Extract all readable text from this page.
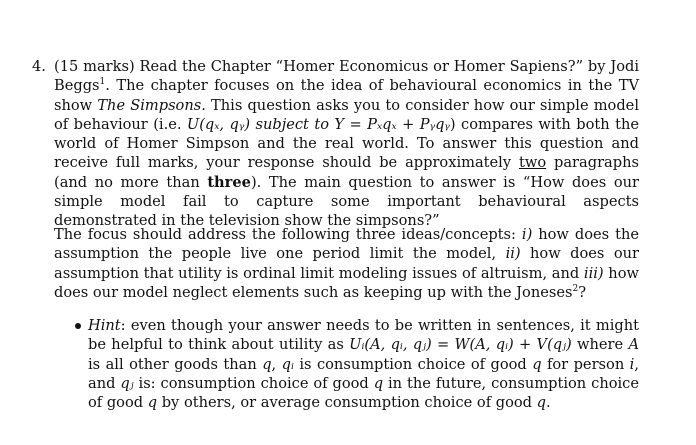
4. (15 marks) Read the Chapter “Homer Economicus or Homer Sapiens?” by Jodi Beggs$^1$. The chapter focuses on the idea of behavioural economics in the TV show The Simpsons. This question asks you to consider how our simple model of behaviour (i.e. U(qₓ, qᵧ) subject to Y = Pₓqₓ + Pᵧqᵧ) compares with both the world of Homer Simpson and the real world. To answer this question and receive full marks, your response should be approximately two paragraphs (and no more than three). The main question to answer is “How does our simple model fail to capture some important behavioural aspects demonstrated in the television show the simpsons?”
The focus should address the following three ideas/concepts: i) how does the assumption the people live one period limit the model, ii) how does our assumption that utility is ordinal limit modeling issues of altruism, and iii) how does our model neglect elements such as keeping up with the Joneses$^2$?
Hint: even though your answer needs to be written in sentences, it might be helpful to think about utility as Uᵢ(A, qᵢ, qⱼ) = W(A, qᵢ) + V(qⱼ) where A is all other goods than q, qᵢ is consumption choice of good q for person i, and qⱼ is: consumption choice of good q in the future, consumption choice of good q by others, or average consumption choice of good q.
